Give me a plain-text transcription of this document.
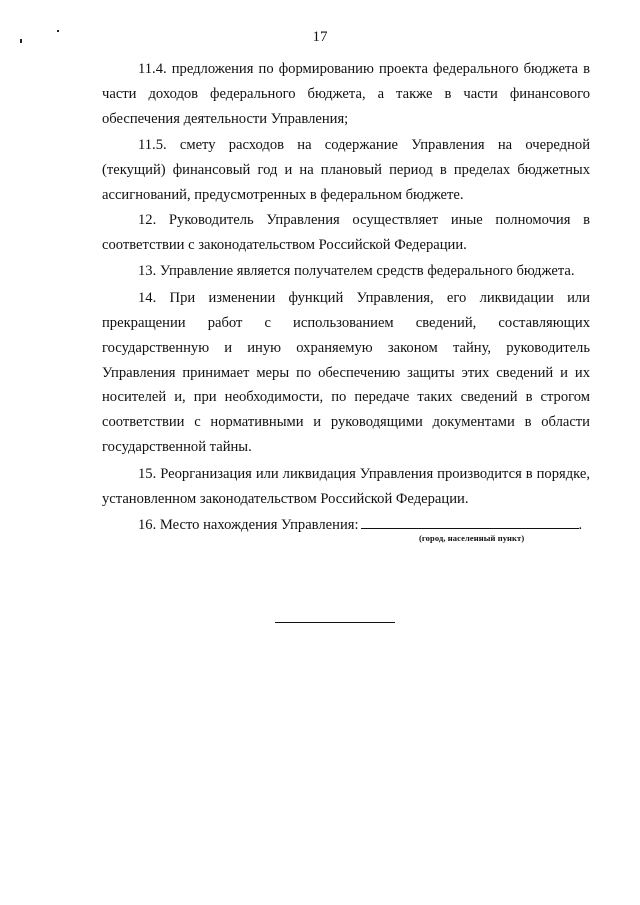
17

11.4. предложения по формированию проекта федерального бюджета в части доходов федерального бюджета, а также в части финансового обеспечения деятельности Управления;

11.5. смету расходов на содержание Управления на очередной (текущий) финансовый год и на плановый период в пределах бюджетных ассигнований, предусмотренных в федеральном бюджете.

12. Руководитель Управления осуществляет иные полномочия в соответствии с законодательством Российской Федерации.

13. Управление является получателем средств федерального бюджета.

14. При изменении функций Управления, его ликвидации или прекращении работ с использованием сведений, составляющих государственную и иную охраняемую законом тайну, руководитель Управления принимает меры по обеспечению защиты этих сведений и их носителей и, при необходимости, по передаче таких сведений в строгом соответствии с нормативными и руководящими документами в области государственной тайны.

15. Реорганизация или ликвидация Управления производится в порядке, установленном законодательством Российской Федерации.

16. Место нахождения Управления:	.

(город, населенный пункт)
